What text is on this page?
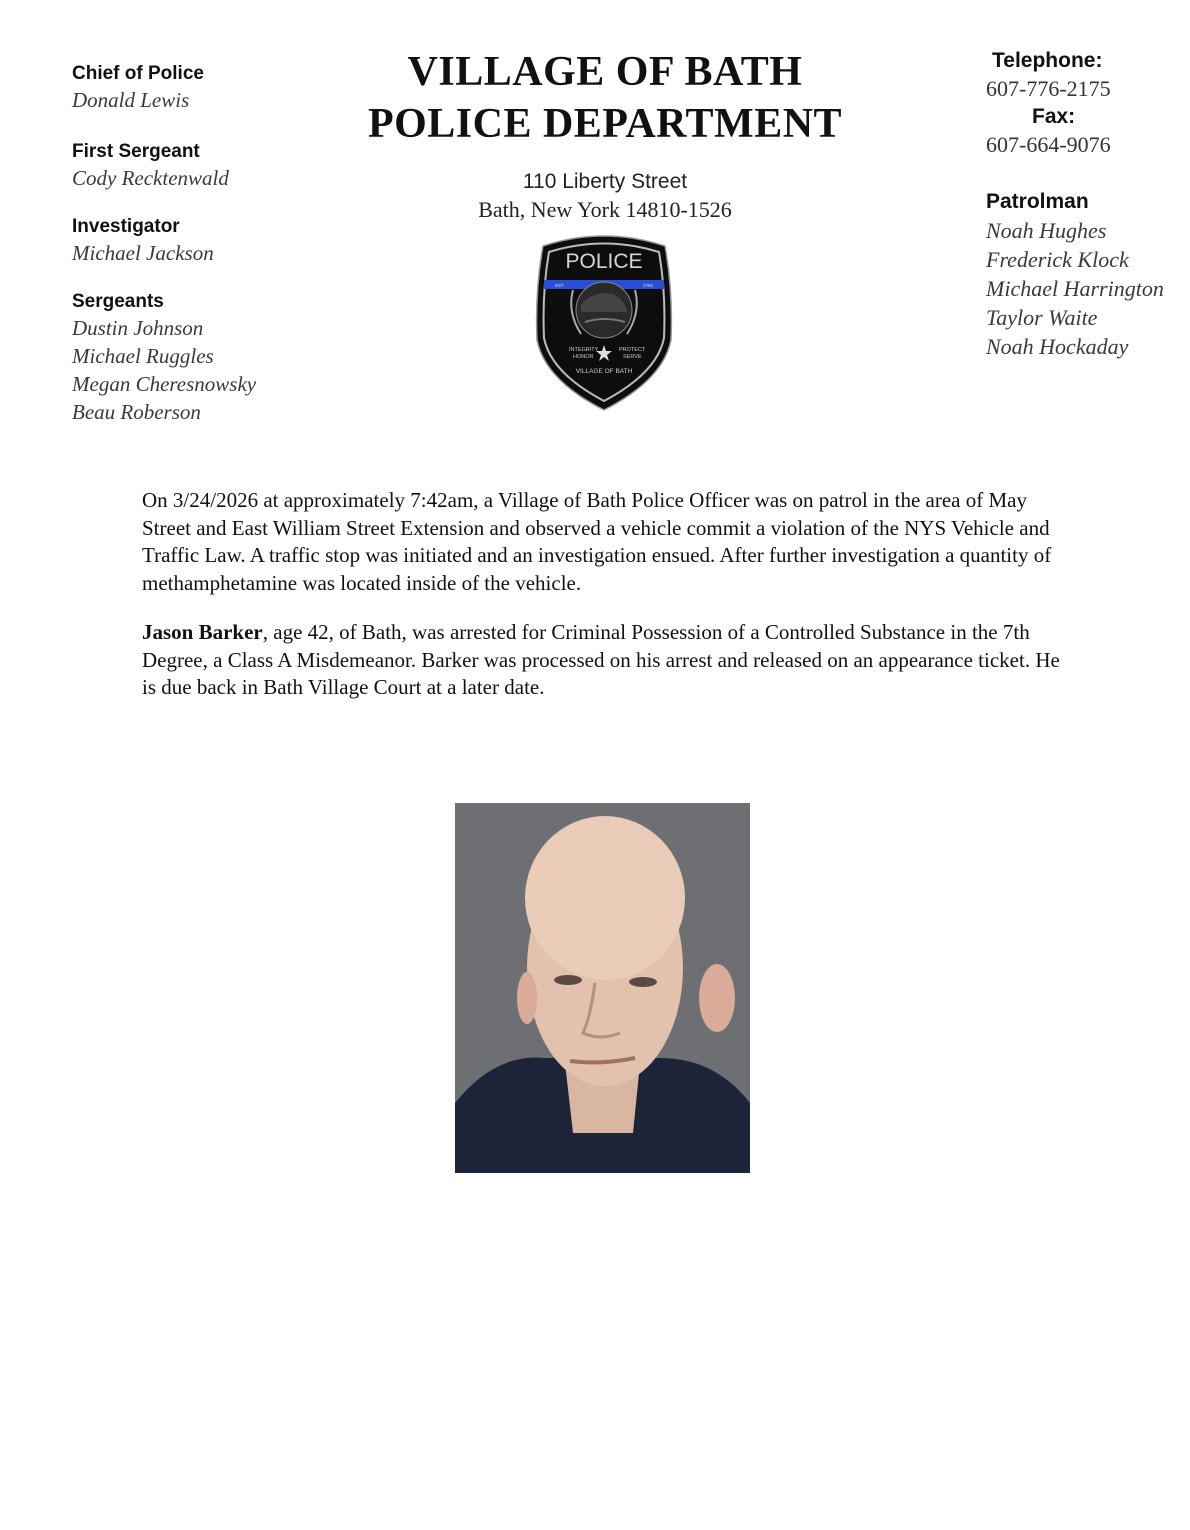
Chief of Police
Donald Lewis
First Sergeant
Cody Recktenwald
Investigator
Michael Jackson
Sergeants
Dustin Johnson
Michael Ruggles
Megan Cheresnowsky
Beau Roberson
VILLAGE OF BATH
POLICE DEPARTMENT
110 Liberty Street
Bath, New York 14810-1526
POLICE
EST	1793
INTEGRITY
HONOR
PROTECT
SERVE
VILLAGE OF BATH
Telephone:
607-776-2175
Fax:
607-664-9076
Patrolman
Noah Hughes
Frederick Klock
Michael Harrington
Taylor Waite
Noah Hockaday

On 3/24/2026 at approximately 7:42am, a Village of Bath Police Officer was on patrol in the area of May Street and East William Street Extension and observed a vehicle commit a violation of the NYS Vehicle and Traffic Law. A traffic stop was initiated and an investigation ensued. After further investigation a quantity of methamphetamine was located inside of the vehicle.

Jason Barker, age 42, of Bath, was arrested for Criminal Possession of a Controlled Substance in the 7th Degree, a Class A Misdemeanor. Barker was processed on his arrest and released on an appearance ticket. He is due back in Bath Village Court at a later date.
